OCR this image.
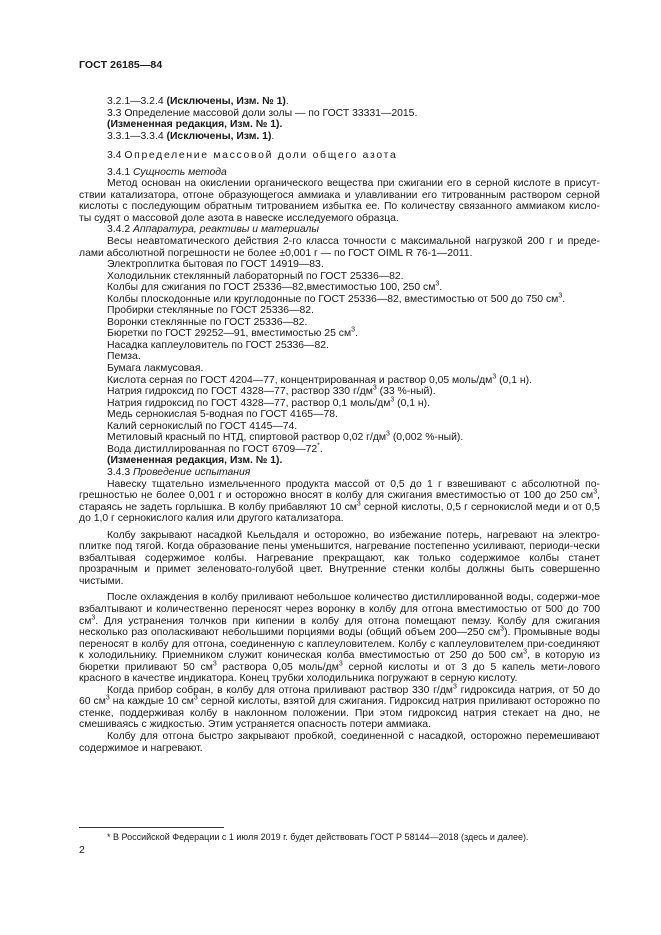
ГОСТ 26185—84

3.2.1—3.2.4 (Исключены, Изм. № 1).

3.3 Определение массовой доли золы — по ГОСТ 33331—2015.

(Измененная редакция, Изм. № 1).

3.3.1—3.3.4 (Исключены, Изм. 1).

3.4 Определение массовой доли общего азота

3.4.1 Сущность метода

Метод основан на окислении органического вещества при сжигании его в серной кислоте в присут-ствии катализатора, отгоне образующегося аммиака и улавливании его титрованным раствором серной кислоты с последующим обратным титрованием избытка ее. По количеству связанного аммиаком кисло-ты судят о массовой доле азота в навеске исследуемого образца.

3.4.2 Аппаратура, реактивы и материалы

Весы неавтоматического действия 2-го класса точности с максимальной нагрузкой 200 г и преде-лами абсолютной погрешности не более ±0,001 г — по ГОСТ OIML R 76-1—2011.

Электроплитка бытовая по ГОСТ 14919—83.

Холодильник стеклянный лабораторный по ГОСТ 25336—82.

Колбы для сжигания по ГОСТ 25336—82,вместимостью 100, 250 $см^3$.

Колбы плоскодонные или круглодонные по ГОСТ 25336—82, вместимостью от 500 до 750 $см^3$.

Пробирки стеклянные по ГОСТ 25336—82.

Воронки стеклянные по ГОСТ 25336—82.

Бюретки по ГОСТ 29252—91, вместимостью 25 $см^3$.

Насадка каплеуловитель по ГОСТ 25336—82.

Пемза.

Бумага лакмусовая.

Кислота серная по ГОСТ 4204—77, концентрированная и раствор 0,05 моль/$дм^3$ (0,1 н).

Натрия гидроксид по ГОСТ 4328—77, раствор 330 $г/дм^3$ (33 %-ный).

Натрия гидроксид по ГОСТ 4328—77, раствор 0,1 моль/$дм^3$ (0,1 н).

Медь сернокислая 5-водная по ГОСТ 4165—78.

Калий сернокислый по ГОСТ 4145—74.

Метиловый красный по НТД, спиртовой раствор 0,02 $г/дм^3$ (0,002 %-ный).

Вода дистиллированная по ГОСТ 6709—72*.

(Измененная редакция, Изм. № 1).

3.4.3 Проведение испытания

Навеску тщательно измельченного продукта массой от 0,5 до 1 г взвешивают с абсолютной по-грешностью не более 0,001 г и осторожно вносят в колбу для сжигания вместимостью от 100 до 250 $см^3$, стараясь не задеть горлышка. В колбу прибавляют 10 $см^3$ серной кислоты, 0,5 г сернокислой меди и от 0,5 до 1,0 г сернокислого калия или другого катализатора.

Колбу закрывают насадкой Кьельдаля и осторожно, во избежание потерь, нагревают на электро-плитке под тягой. Когда образование пены уменьшится, нагревание постепенно усиливают, периоди-чески взбалтывая содержимое колбы. Нагревание прекращают, как только содержимое колбы станет прозрачным и примет зеленовато-голубой цвет. Внутренние стенки колбы должны быть совершенно чистыми.

После охлаждения в колбу приливают небольшое количество дистиллированной воды, содержи-мое взбалтывают и количественно переносят через воронку в колбу для отгона вместимостью от 500 до 700 $см^3$. Для устранения толчков при кипении в колбу для отгона помещают пемзу. Колбу для сжигания несколько раз ополаскивают небольшими порциями воды (общий объем 200—250 $см^3$). Промывные воды переносят в колбу для отгона, соединенную с каплеуловителем. Колбу с каплеуловителем при-соединяют к холодильнику. Приемником служит коническая колба вместимостью от 250 до 500 $см^3$, в которую из бюретки приливают 50 $см^3$ раствора 0,05 моль/$дм^3$ серной кислоты и от 3 до 5 капель мети-лового красного в качестве индикатора. Конец трубки холодильника погружают в серную кислоту.

Когда прибор собран, в колбу для отгона приливают раствор 330 $г/дм^3$ гидроксида натрия, от 50 до 60 $см^3$ на каждые 10 $см^3$ серной кислоты, взятой для сжигания. Гидроксид натрия приливают осторожно по стенке, поддерживая колбу в наклонном положении. При этом гидроксид натрия стекает на дно, не смешиваясь с жидкостью. Этим устраняется опасность потери аммиака.

Колбу для отгона быстро закрывают пробкой, соединенной с насадкой, осторожно перемешивают содержимое и нагревают.

* В Российской Федерации с 1 июля 2019 г. будет действовать ГОСТ Р 58144—2018 (здесь и далее).
2
